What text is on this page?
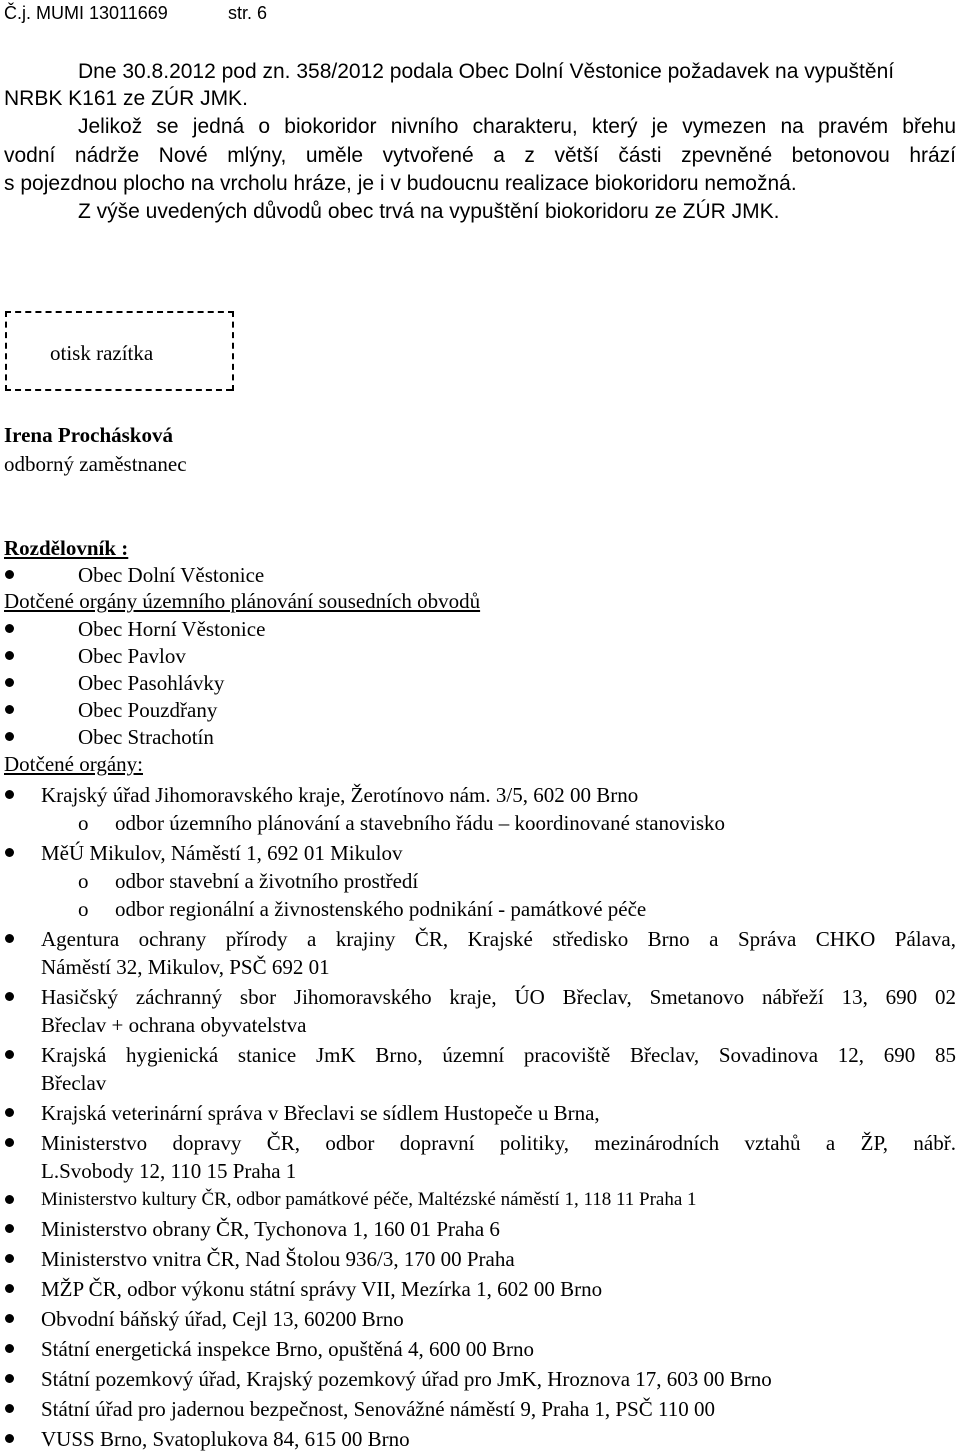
Č.j. MUMI 13011669	str. 6
Dne 30.8.2012 pod zn. 358/2012 podala Obec Dolní Věstonice požadavek na vypuštění
NRBK K161 ze ZÚR JMK.
Jelikož se jedná o biokoridor nivního charakteru, který je vymezen na pravém břehu
vodní nádrže Nové mlýny, uměle vytvořené a z větší části zpevněné betonovou hrází
s pojezdnou plocho na vrcholu hráze, je i v budoucnu realizace biokoridoru nemožná.
Z výše uvedených důvodů obec trvá na vypuštění biokoridoru ze ZÚR JMK.
otisk razítka
Irena Prochásková
odborný zaměstnanec
Rozdělovník :
Obec Dolní Věstonice
Dotčené orgány územního plánování sousedních obvodů
Obec Horní Věstonice
Obec Pavlov
Obec Pasohlávky
Obec Pouzdřany
Obec Strachotín
Dotčené orgány:
Krajský úřad Jihomoravského kraje, Žerotínovo nám. 3/5, 602 00 Brno
o odbor územního plánování a stavebního řádu – koordinované stanovisko
MěÚ Mikulov, Náměstí 1, 692 01 Mikulov
o odbor stavební a životního prostředí
o odbor regionální a živnostenského podnikání - památkové péče
Agentura ochrany přírody a krajiny ČR, Krajské středisko Brno a Správa CHKO Pálava,
Náměstí 32, Mikulov, PSČ 692 01
Hasičský záchranný sbor Jihomoravského kraje, ÚO Břeclav, Smetanovo nábřeží 13, 690 02
Břeclav + ochrana obyvatelstva
Krajská hygienická stanice JmK Brno, územní pracoviště Břeclav, Sovadinova 12, 690 85
Břeclav
Krajská veterinární správa v Břeclavi se sídlem Hustopeče u Brna,
Ministerstvo dopravy ČR, odbor dopravní politiky, mezinárodních vztahů a ŽP, nábř.
L.Svobody 12, 110 15 Praha 1
Ministerstvo kultury ČR, odbor památkové péče, Maltézské náměstí 1, 118 11 Praha 1
Ministerstvo obrany ČR, Tychonova 1, 160 01 Praha 6
Ministerstvo vnitra ČR, Nad Štolou 936/3, 170 00 Praha
MŽP ČR, odbor výkonu státní správy VII, Mezírka 1, 602 00 Brno
Obvodní báňský úřad, Cejl 13, 60200 Brno
Státní energetická inspekce Brno, opuštěná 4, 600 00 Brno
Státní pozemkový úřad, Krajský pozemkový úřad pro JmK, Hroznova 17, 603 00 Brno
Státní úřad pro jadernou bezpečnost, Senovážné náměstí 9, Praha 1, PSČ 110 00
VUSS Brno, Svatoplukova 84, 615 00 Brno
